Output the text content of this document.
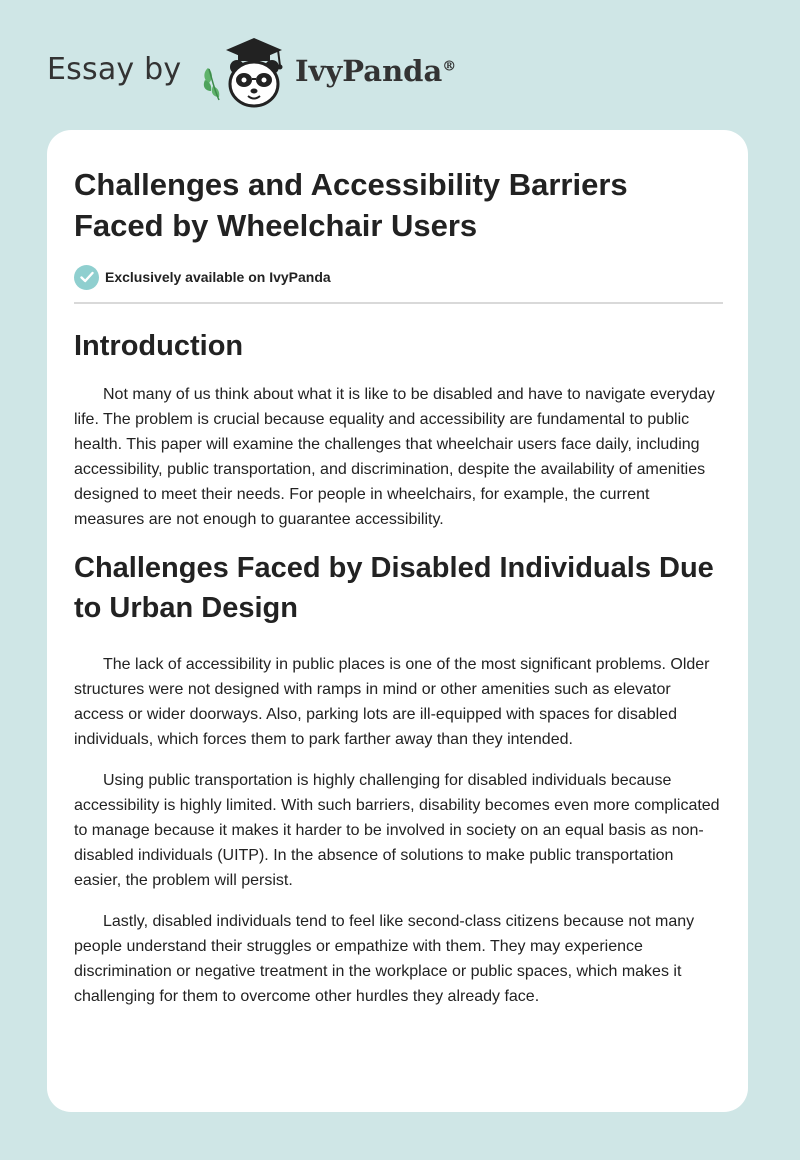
Essay by	IvyPanda®
Challenges and Accessibility Barriers Faced by Wheelchair Users
Exclusively available on IvyPanda
Introduction

Not many of us think about what it is like to be disabled and have to navigate everyday life. The problem is crucial because equality and accessibility are fundamental to public health. This paper will examine the challenges that wheelchair users face daily, including accessibility, public transportation, and discrimination, despite the availability of amenities designed to meet their needs. For people in wheelchairs, for example, the current measures are not enough to guarantee accessibility.

Challenges Faced by Disabled Individuals Due to Urban Design

The lack of accessibility in public places is one of the most significant problems. Older structures were not designed with ramps in mind or other amenities such as elevator access or wider doorways. Also, parking lots are ill-equipped with spaces for disabled individuals, which forces them to park farther away than they intended.

Using public transportation is highly challenging for disabled individuals because accessibility is highly limited. With such barriers, disability becomes even more complicated to manage because it makes it harder to be involved in society on an equal basis as non-disabled individuals (UITP). In the absence of solutions to make public transportation easier, the problem will persist.

Lastly, disabled individuals tend to feel like second-class citizens because not many people understand their struggles or empathize with them. They may experience discrimination or negative treatment in the workplace or public spaces, which makes it challenging for them to overcome other hurdles they already face.
